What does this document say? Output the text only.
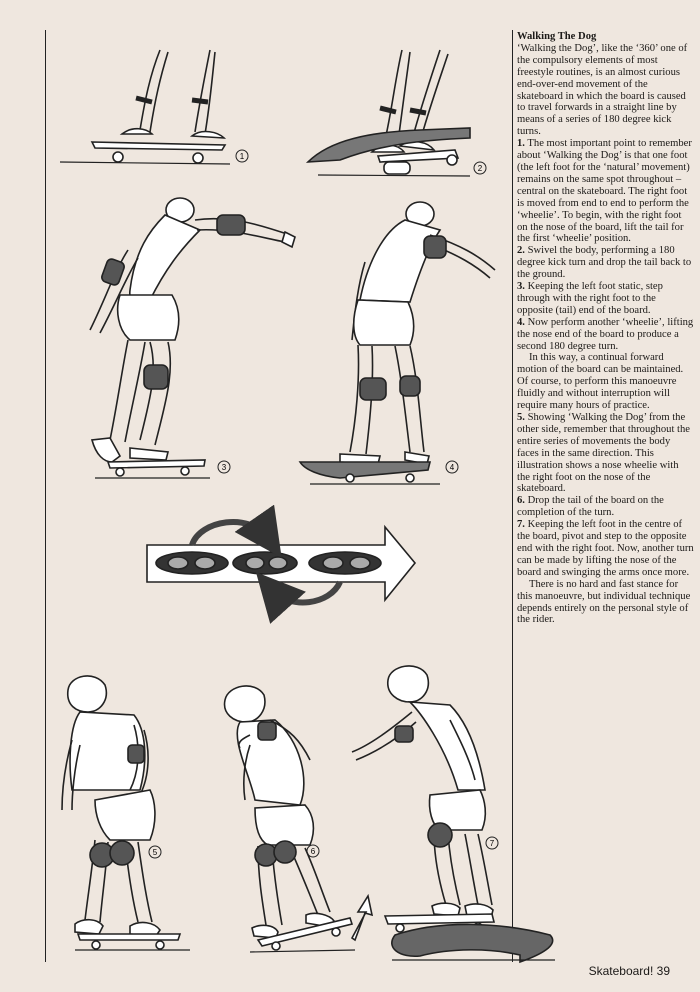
1
2
3	4
5	6
7

Walking The Dog

‘Walking the Dog’, like the ‘360’ one of the compulsory elements of most freestyle routines, is an almost curious end-over-end movement of the skateboard in which the board is caused to travel forwards in a straight line by means of a series of 180 degree kick turns.

1. The most important point to remember about ‘Walking the Dog’ is that one foot (the left foot for the ‘natural’ movement) remains on the same spot throughout – central on the skateboard. The right foot is moved from end to end to perform the ‘wheelie’. To begin, with the right foot on the nose of the board, lift the tail for the first ‘wheelie’ position.

2. Swivel the body, performing a 180 degree kick turn and drop the tail back to the ground.

3. Keeping the left foot static, step through with the right foot to the opposite (tail) end of the board.

4. Now perform another ‘wheelie’, lifting the nose end of the board to produce a second 180 degree turn.

In this way, a continual forward motion of the board can be maintained. Of course, to perform this manoeuvre fluidly and without interruption will require many hours of practice.

5. Showing ‘Walking the Dog’ from the other side, remember that throughout the entire series of movements the body faces in the same direction. This illustration shows a nose wheelie with the right foot on the nose of the skateboard.

6. Drop the tail of the board on the completion of the turn.

7. Keeping the left foot in the centre of the board, pivot and step to the opposite end with the right foot. Now, another turn can be made by lifting the nose of the board and swinging the arms once more.

There is no hard and fast stance for this manoeuvre, but individual technique depends entirely on the personal style of the rider.

Skateboard! 39
